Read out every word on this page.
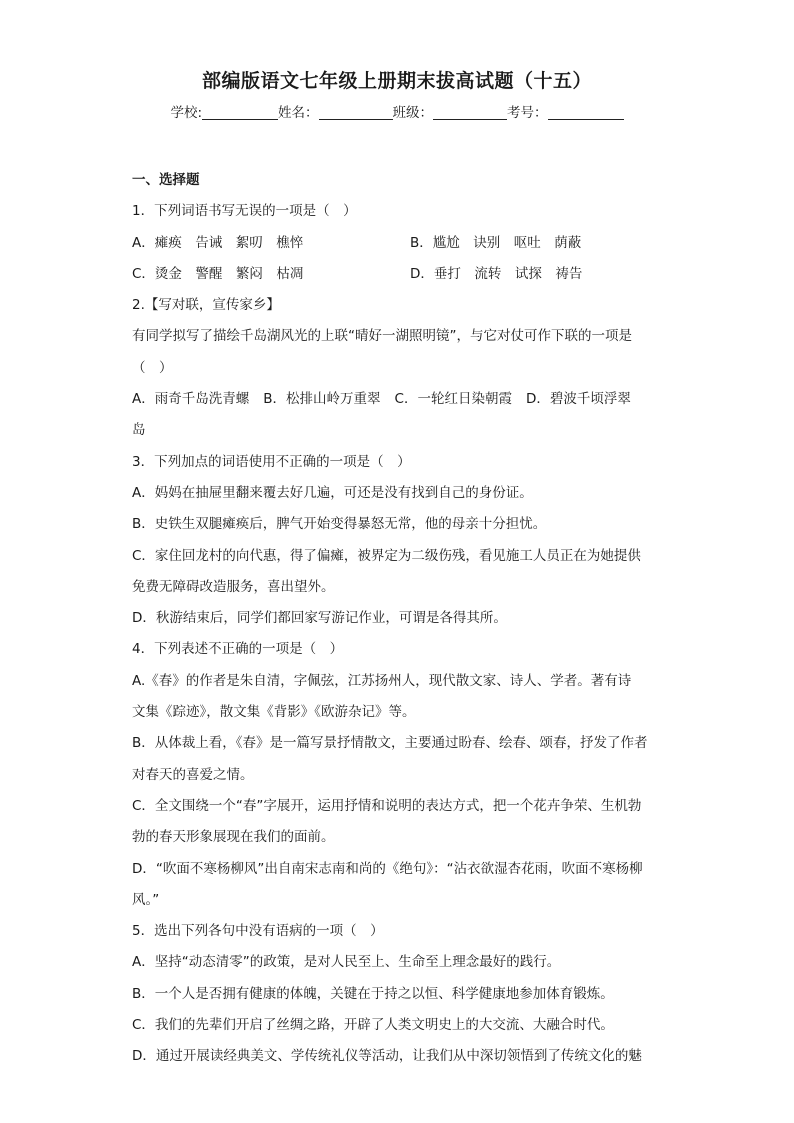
部编版语文七年级上册期末拔高试题（十五）
学校:	姓名：	班级：	考号：

一、选择题

1．下列词语书写无误的一项是（　）

A．瘫痪　告诫　絮叨　樵悴	B．尴尬　诀别　呕吐　荫蔽
C．烫金　警醒　繁闷　枯凋	D．垂打　流转　试探　祷告

2.【写对联，宣传家乡】

有同学拟写了描绘千岛湖风光的上联“晴好一湖照明镜”，与它对仗可作下联的一项是

（　）

A．雨奇千岛洗青螺 B．松排山岭万重翠 C．一轮红日染朝霞 D．碧波千顷浮翠

岛

3．下列加点的词语使用不正确的一项是（　）

A．妈妈在抽屉里翻来覆去好几遍，可还是没有找到自己的身份证。

B．史铁生双腿瘫痪后，脾气开始变得暴怒无常，他的母亲十分担忧。

C．家住回龙村的向代惠，得了偏瘫，被界定为二级伤残，看见施工人员正在为她提供

免费无障碍改造服务，喜出望外。

D．秋游结束后，同学们都回家写游记作业，可谓是各得其所。

4．下列表述不正确的一项是（　）

A.《春》的作者是朱自清，字佩弦，江苏扬州人，现代散文家、诗人、学者。著有诗

文集《踪迹》，散文集《背影》《欧游杂记》等。

B．从体裁上看，《春》是一篇写景抒情散文，主要通过盼春、绘春、颂春，抒发了作者

对春天的喜爱之情。

C．全文围绕一个“春”字展开，运用抒情和说明的表达方式，把一个花卉争荣、生机勃

勃的春天形象展现在我们的面前。

D．“吹面不寒杨柳风”出自南宋志南和尚的《绝句》：“沾衣欲湿杏花雨，吹面不寒杨柳

风。”

5．选出下列各句中没有语病的一项（　）

A．坚持“动态清零”的政策，是对人民至上、生命至上理念最好的践行。

B．一个人是否拥有健康的体魄，关键在于持之以恒、科学健康地参加体育锻炼。

C．我们的先辈们开启了丝绸之路，开辟了人类文明史上的大交流、大融合时代。

D．通过开展读经典美文、学传统礼仪等活动，让我们从中深切领悟到了传统文化的魅
